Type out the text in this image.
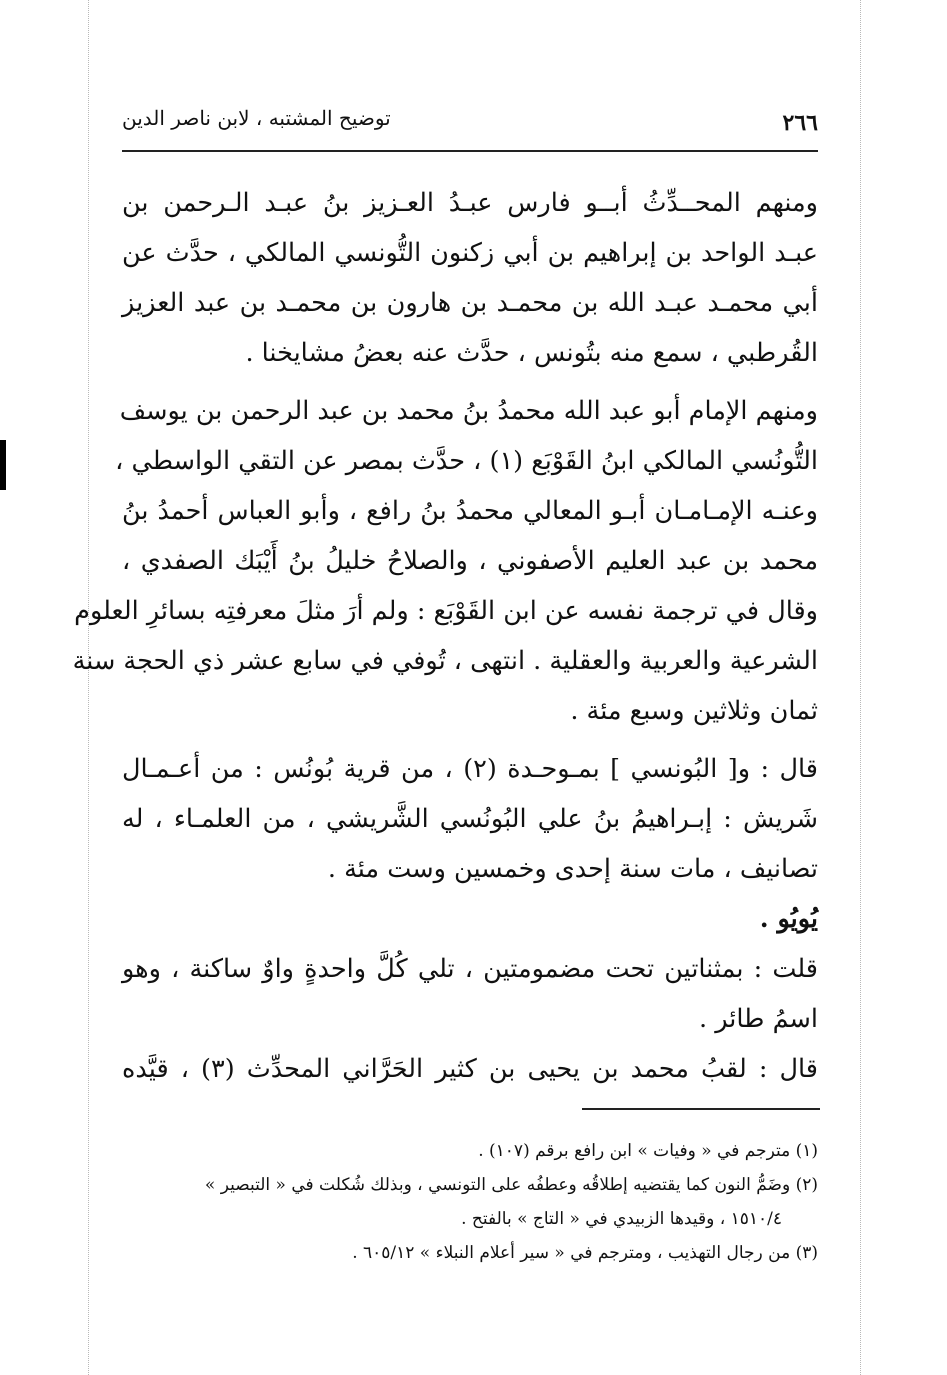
٢٦٦
توضيح المشتبه ، لابن ناصر الدين
ومنهم المحــدِّثُ أبــو فارس عبـدُ العـزيز بنُ عبـد الـرحمن بن
عبـد الواحد بن إبراهيم بن أبي زكنون التُّونسي المالكي ، حدَّث عن
أبي محمـد عبـد الله بن محمـد بن هارون بن محمـد بن عبد العزيز
القُرطبي ، سمع منه بتُونس ، حدَّث عنه بعضُ مشايخنا .
ومنهم الإمام أبو عبد الله محمدُ بنُ محمد بن عبد الرحمن بن يوسف
التُّونُسي المالكي ابنُ القَوْبَع (١) ، حدَّث بمصر عن التقي الواسطي ،
وعنـه الإمـامـان أبـو المعالي محمدُ بنُ رافع ، وأبو العباس أحمدُ بنُ
محمد بن عبد العليم الأصفوني ، والصلاحُ خليلُ بنُ أَيْبَك الصفدي ،
وقال في ترجمة نفسه عن ابن القَوْبَع : ولم أرَ مثلَ معرفتِه بسائرِ العلوم
الشرعية والعربية والعقلية . انتهى ، تُوفي في سابع عشر ذي الحجة سنة
ثمان وثلاثين وسبع مئة .
قال : و[ البُونسي ] بمـوحـدة (٢) ، من قرية بُونُس : من أعـمـال
شَريش : إبـراهيمُ بنُ علي البُونُسي الشَّريشي ، من العلمـاء ، له
تصانيف ، مات سنة إحدى وخمسين وست مئة .
يُويُو .
قلت : بمثناتين تحت مضمومتين ، تلي كُلَّ واحدةٍ واوٌ ساكنة ، وهو
اسمُ طائر .
قال : لقبُ محمد بن يحيى بن كثير الحَرَّاني المحدِّث (٣) ، قيَّده
(١) مترجم في « وفيات » ابن رافع برقم (١٠٧) .
(٢) وضَمُّ النون كما يقتضيه إطلاقُه وعطفُه على التونسي ، وبذلك شُكلت في « التبصير »
١٥١٠/٤ ، وقيدها الزبيدي في « التاج » بالفتح .
(٣) من رجال التهذيب ، ومترجم في « سير أعلام النبلاء » ٦٠٥/١٢ .
